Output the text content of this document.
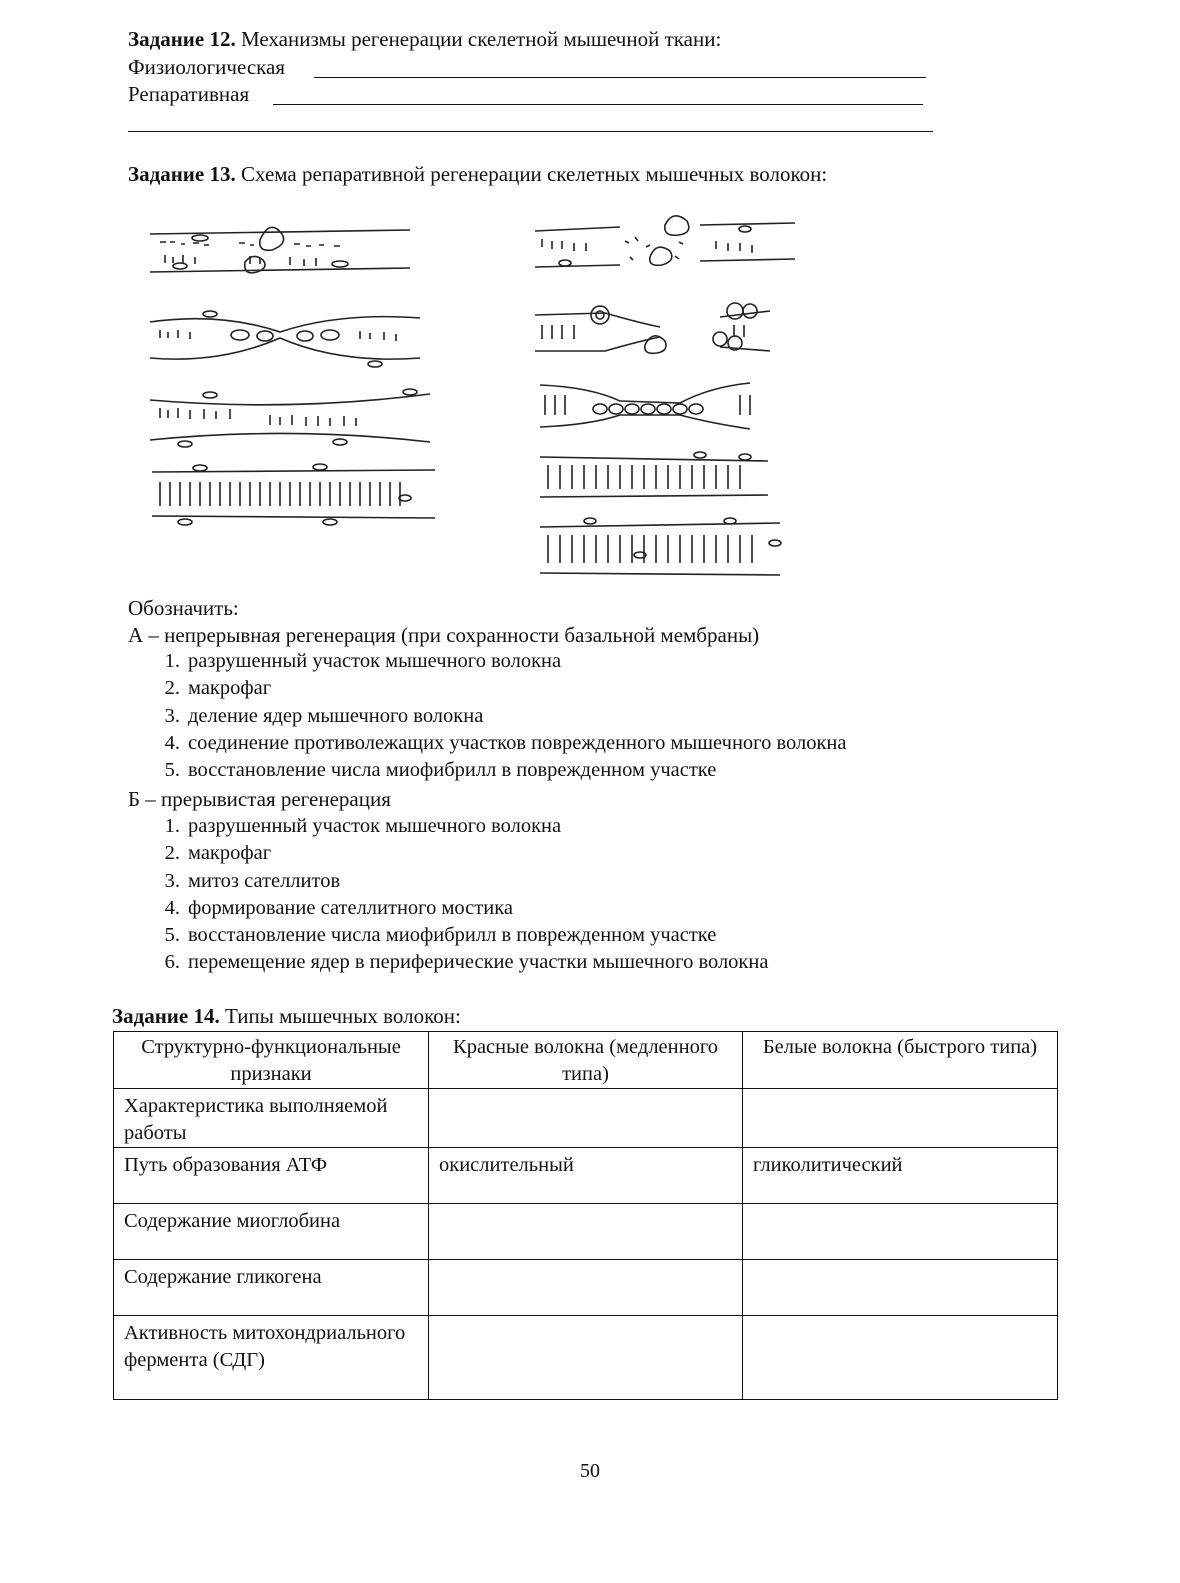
Задание 12. Механизмы регенерации скелетной мышечной ткани:
Физиологическая
Репаративная
Задание 13. Схема репаративной регенерации скелетных мышечных волокон:
Обозначить:
А – непрерывная регенерация (при сохранности базальной мембраны)
1. разрушенный участок мышечного волокна
2. макрофаг
3. деление ядер мышечного волокна
4. соединение противолежащих участков поврежденного мышечного волокна
5. восстановление числа миофибрилл в поврежденном участке
Б – прерывистая регенерация
1. разрушенный участок мышечного волокна
2. макрофаг
3. митоз сателлитов
4. формирование сателлитного мостика
5. восстановление числа миофибрилл в поврежденном участке
6. перемещение ядер в периферические участки мышечного волокна
Задание 14. Типы мышечных волокон:
Структурно-функциональные признаки	Красные волокна (медленного типа)	Белые волокна (быстрого типа)
Характеристика выполняемой работы		
Путь образования АТФ	окислительный	гликолитический
Содержание миоглобина		
Содержание гликогена		
Активность митохондриального фермента (СДГ)		
50
